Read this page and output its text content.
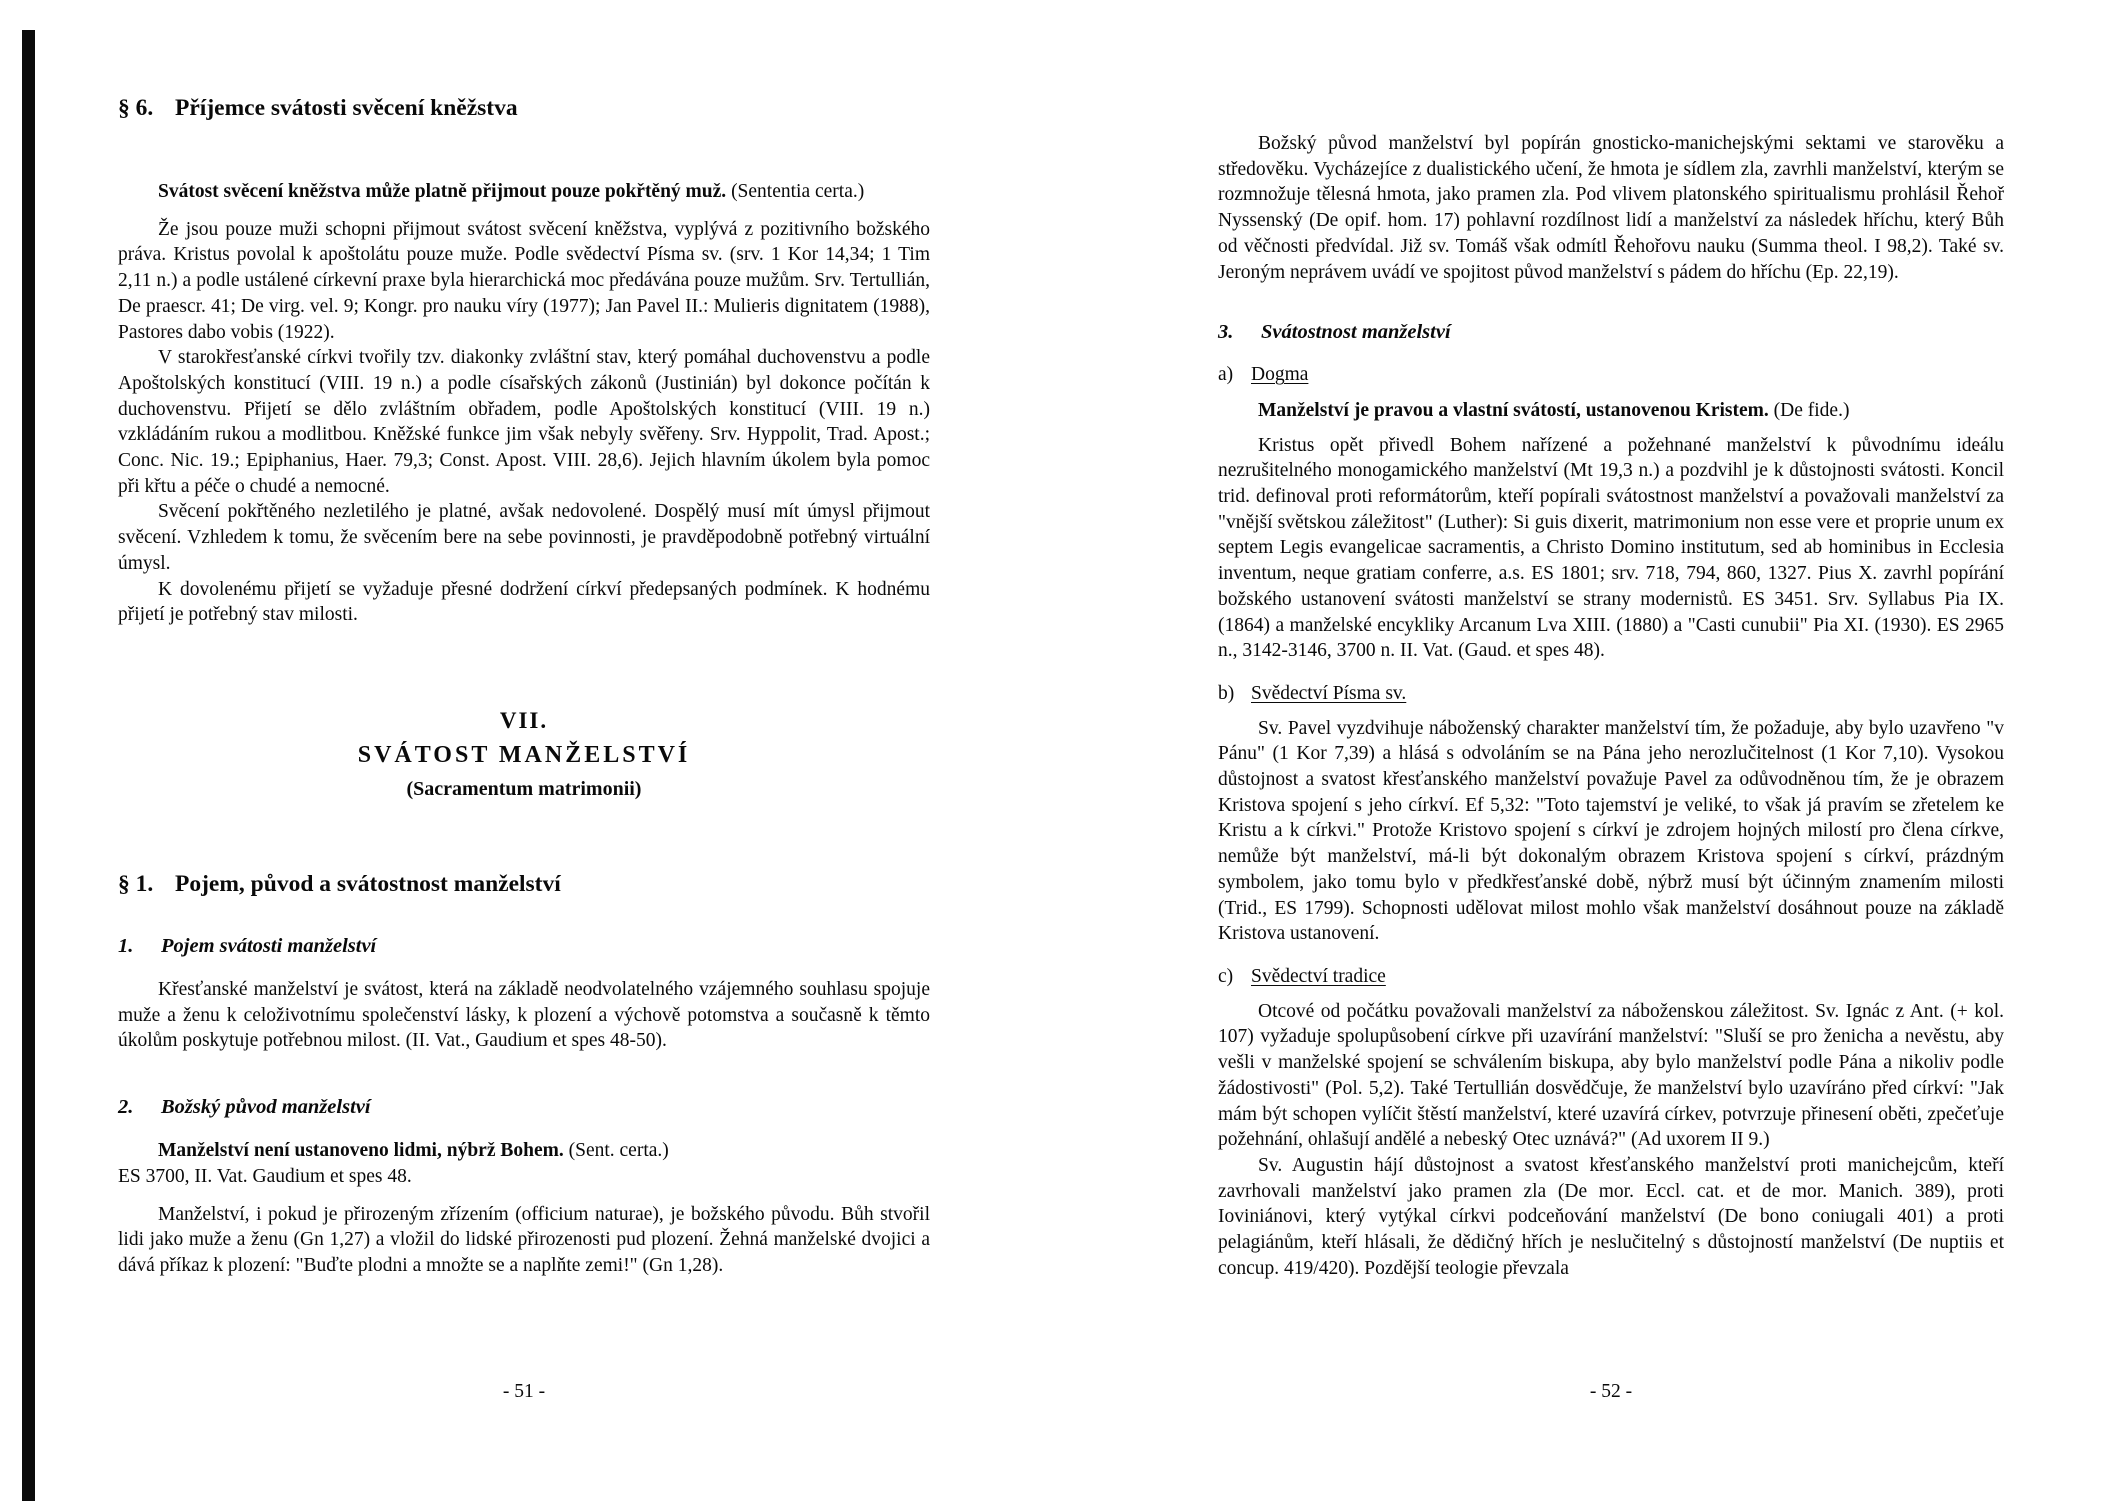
§ 6. Příjemce svátosti svěcení kněžstva

Svátost svěcení kněžstva může platně přijmout pouze pokřtěný muž. (Sententia certa.)

Že jsou pouze muži schopni přijmout svátost svěcení kněžstva, vyplývá z pozitivního božského práva. Kristus povolal k apoštolátu pouze muže. Podle svědectví Písma sv. (srv. 1 Kor 14,34; 1 Tim 2,11 n.) a podle ustálené církevní praxe byla hierarchická moc předávána pouze mužům. Srv. Tertullián, De praescr. 41; De virg. vel. 9; Kongr. pro nauku víry (1977); Jan Pavel II.: Mulieris dignitatem (1988), Pastores dabo vobis (1922).

V starokřesťanské církvi tvořily tzv. diakonky zvláštní stav, který pomáhal duchovenstvu a podle Apoštolských konstitucí (VIII. 19 n.) a podle císařských zákonů (Justinián) byl dokonce počítán k duchovenstvu. Přijetí se dělo zvláštním obřadem, podle Apoštolských konstitucí (VIII. 19 n.) vzkládáním rukou a modlitbou. Kněžské funkce jim však nebyly svěřeny. Srv. Hyppolit, Trad. Apost.; Conc. Nic. 19.; Epiphanius, Haer. 79,3; Const. Apost. VIII. 28,6). Jejich hlavním úkolem byla pomoc při křtu a péče o chudé a nemocné.

Svěcení pokřtěného nezletilého je platné, avšak nedovolené. Dospělý musí mít úmysl přijmout svěcení. Vzhledem k tomu, že svěcením bere na sebe povinnosti, je pravděpodobně potřebný virtuální úmysl.

K dovolenému přijetí se vyžaduje přesné dodržení církví předepsaných podmínek. K hodnému přijetí je potřebný stav milosti.

VII.

SVÁTOST MANŽELSTVÍ

(Sacramentum matrimonii)

§ 1. Pojem, původ a svátostnost manželství
1. Pojem svátosti manželství

Křesťanské manželství je svátost, která na základě neodvolatelného vzájemného souhlasu spojuje muže a ženu k celoživotnímu společenství lásky, k plození a výchově potomstva a současně k těmto úkolům poskytuje potřebnou milost. (II. Vat., Gaudium et spes 48-50).

2. Božský původ manželství

Manželství není ustanoveno lidmi, nýbrž Bohem. (Sent. certa.)

ES 3700, II. Vat. Gaudium et spes 48.

Manželství, i pokud je přirozeným zřízením (officium naturae), je božského původu. Bůh stvořil lidi jako muže a ženu (Gn 1,27) a vložil do lidské přirozenosti pud plození. Žehná manželské dvojici a dává příkaz k plození: "Buďte plodni a množte se a naplňte zemi!" (Gn 1,28).

- 51 -

Božský původ manželství byl popírán gnosticko-manichejskými sektami ve starověku a středověku. Vycházejíce z dualistického učení, že hmota je sídlem zla, zavrhli manželství, kterým se rozmnožuje tělesná hmota, jako pramen zla. Pod vlivem platonského spiritualismu prohlásil Řehoř Nyssenský (De opif. hom. 17) pohlavní rozdílnost lidí a manželství za následek hříchu, který Bůh od věčnosti předvídal. Již sv. Tomáš však odmítl Řehořovu nauku (Summa theol. I 98,2). Také sv. Jeroným neprávem uvádí ve spojitost původ manželství s pádem do hříchu (Ep. 22,19).

3. Svátostnost manželství

a) Dogma

Manželství je pravou a vlastní svátostí, ustanovenou Kristem. (De fide.)

Kristus opět přivedl Bohem nařízené a požehnané manželství k původnímu ideálu nezrušitelného monogamického manželství (Mt 19,3 n.) a pozdvihl je k důstojnosti svátosti. Koncil trid. definoval proti reformátorům, kteří popírali svátostnost manželství a považovali manželství za "vnější světskou záležitost" (Luther): Si guis dixerit, matrimonium non esse vere et proprie unum ex septem Legis evangelicae sacramentis, a Christo Domino institutum, sed ab hominibus in Ecclesia inventum, neque gratiam conferre, a.s. ES 1801; srv. 718, 794, 860, 1327. Pius X. zavrhl popírání božského ustanovení svátosti manželství se strany modernistů. ES 3451. Srv. Syllabus Pia IX. (1864) a manželské encykliky Arcanum Lva XIII. (1880) a "Casti cunubii" Pia XI. (1930). ES 2965 n., 3142-3146, 3700 n. II. Vat. (Gaud. et spes 48).

b) Svědectví Písma sv.

Sv. Pavel vyzdvihuje náboženský charakter manželství tím, že požaduje, aby bylo uzavřeno "v Pánu" (1 Kor 7,39) a hlásá s odvoláním se na Pána jeho nerozlučitelnost (1 Kor 7,10). Vysokou důstojnost a svatost křesťanského manželství považuje Pavel za odůvodněnou tím, že je obrazem Kristova spojení s jeho církví. Ef 5,32: "Toto tajemství je veliké, to však já pravím se zřetelem ke Kristu a k církvi." Protože Kristovo spojení s církví je zdrojem hojných milostí pro člena církve, nemůže být manželství, má-li být dokonalým obrazem Kristova spojení s církví, prázdným symbolem, jako tomu bylo v předkřesťanské době, nýbrž musí být účinným znamením milosti (Trid., ES 1799). Schopnosti udělovat milost mohlo však manželství dosáhnout pouze na základě Kristova ustanovení.

c) Svědectví tradice

Otcové od počátku považovali manželství za náboženskou záležitost. Sv. Ignác z Ant. (+ kol. 107) vyžaduje spolupůsobení církve při uzavírání manželství: "Sluší se pro ženicha a nevěstu, aby vešli v manželské spojení se schválením biskupa, aby bylo manželství podle Pána a nikoliv podle žádostivosti" (Pol. 5,2). Také Tertullián dosvědčuje, že manželství bylo uzavíráno před církví: "Jak mám být schopen vylíčit štěstí manželství, které uzavírá církev, potvrzuje přinesení oběti, zpečeťuje požehnání, ohlašují andělé a nebeský Otec uznává?" (Ad uxorem II 9.)

Sv. Augustin hájí důstojnost a svatost křesťanského manželství proti manichejcům, kteří zavrhovali manželství jako pramen zla (De mor. Eccl. cat. et de mor. Manich. 389), proti Ioviniánovi, který vytýkal církvi podceňování manželství (De bono coniugali 401) a proti pelagiánům, kteří hlásali, že dědičný hřích je neslučitelný s důstojností manželství (De nuptiis et concup. 419/420). Pozdější teologie převzala

- 52 -
